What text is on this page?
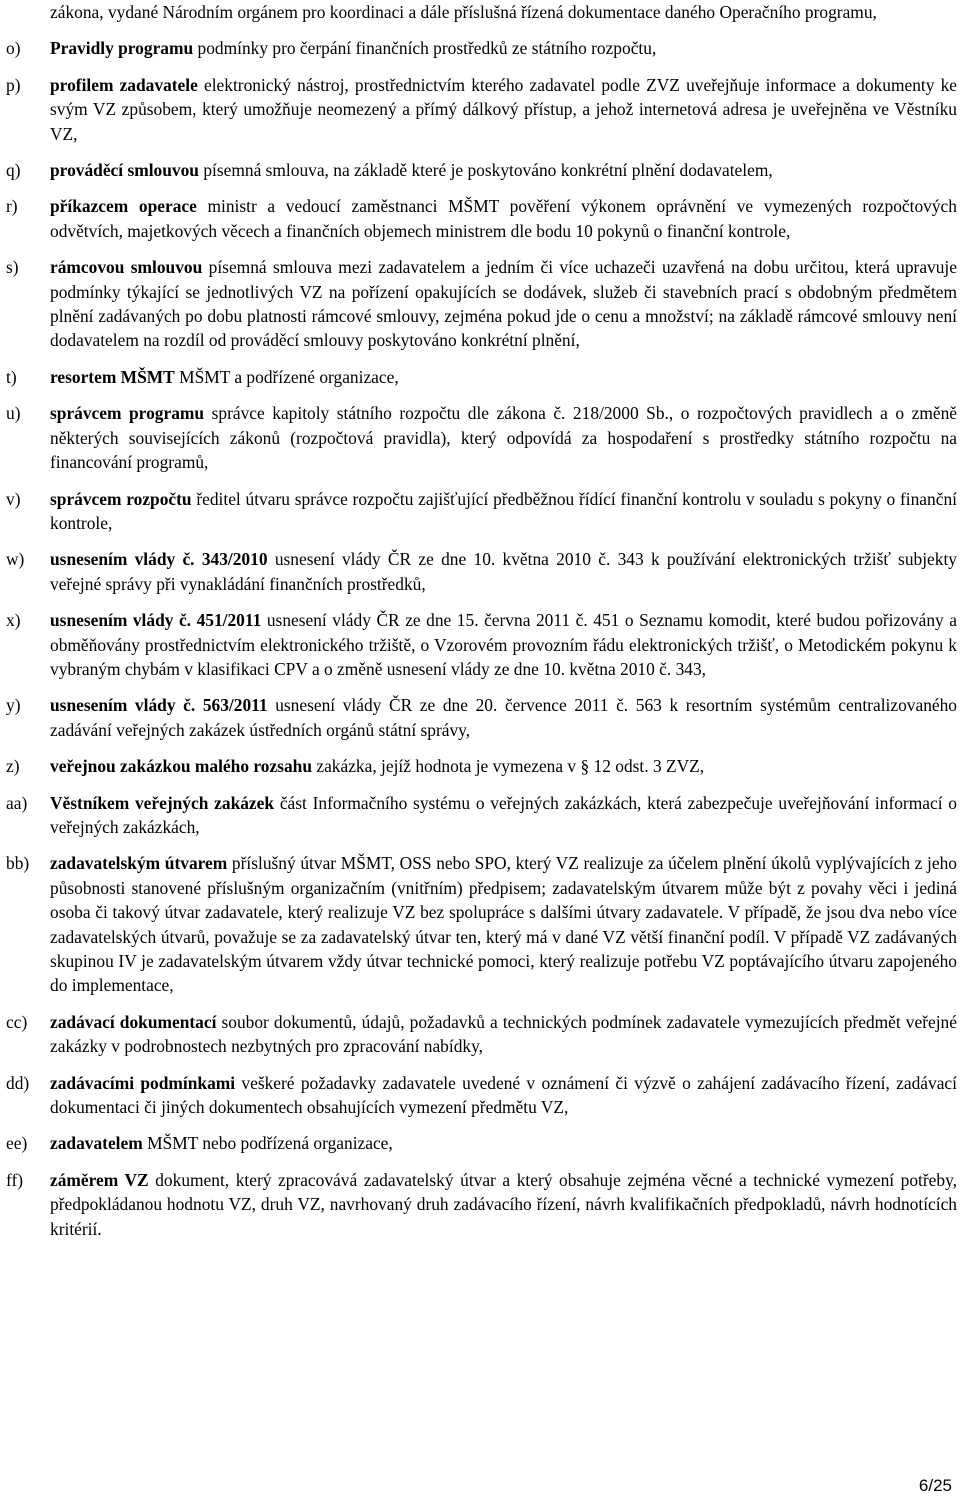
zákona, vydané Národním orgánem pro koordinaci a dále příslušná řízená dokumentace daného Operačního programu,
o)	Pravidly programu podmínky pro čerpání finančních prostředků ze státního rozpočtu,
p)	profilem zadavatele elektronický nástroj, prostřednictvím kterého zadavatel podle ZVZ uveřejňuje informace a dokumenty ke svým VZ způsobem, který umožňuje neomezený a přímý dálkový přístup, a jehož internetová adresa je uveřejněna ve Věstníku VZ,
q)	prováděcí smlouvou písemná smlouva, na základě které je poskytováno konkrétní plnění dodavatelem,
r)	příkazcem operace ministr a vedoucí zaměstnanci MŠMT pověření výkonem oprávnění ve vymezených rozpočtových odvětvích, majetkových věcech a finančních objemech ministrem dle bodu 10 pokynů o finanční kontrole,
s)	rámcovou smlouvou písemná smlouva mezi zadavatelem a jedním či více uchazeči uzavřená na dobu určitou, která upravuje podmínky týkající se jednotlivých VZ na pořízení opakujících se dodávek, služeb či stavebních prací s obdobným předmětem plnění zadávaných po dobu platnosti rámcové smlouvy, zejména pokud jde o cenu a množství; na základě rámcové smlouvy není dodavatelem na rozdíl od prováděcí smlouvy poskytováno konkrétní plnění,
t)	resortem MŠMT MŠMT a podřízené organizace,
u)	správcem programu správce kapitoly státního rozpočtu dle zákona č. 218/2000 Sb., o rozpočtových pravidlech a o změně některých souvisejících zákonů (rozpočtová pravidla), který odpovídá za hospodaření s prostředky státního rozpočtu na financování programů,
v)	správcem rozpočtu ředitel útvaru správce rozpočtu zajišťující předběžnou řídící finanční kontrolu v souladu s pokyny o finanční kontrole,
w)	usnesením vlády č. 343/2010 usnesení vlády ČR ze dne 10. května 2010 č. 343 k používání elektronických tržišť subjekty veřejné správy při vynakládání finančních prostředků,
x)	usnesením vlády č. 451/2011 usnesení vlády ČR ze dne 15. června 2011 č. 451 o Seznamu komodit, které budou pořizovány a obměňovány prostřednictvím elektronického tržiště, o Vzorovém provozním řádu elektronických tržišť, o Metodickém pokynu k vybraným chybám v klasifikaci CPV a o změně usnesení vlády ze dne 10. května 2010 č. 343,
y)	usnesením vlády č. 563/2011 usnesení vlády ČR ze dne 20. července 2011 č. 563 k resortním systémům centralizovaného zadávání veřejných zakázek ústředních orgánů státní správy,
z)	veřejnou zakázkou malého rozsahu zakázka, jejíž hodnota je vymezena v § 12 odst. 3 ZVZ,
aa)	Věstníkem veřejných zakázek část Informačního systému o veřejných zakázkách, která zabezpečuje uveřejňování informací o veřejných zakázkách,
bb)	zadavatelským útvarem příslušný útvar MŠMT, OSS nebo SPO, který VZ realizuje za účelem plnění úkolů vyplývajících z jeho působnosti stanovené příslušným organizačním (vnitřním) předpisem; zadavatelským útvarem může být z povahy věci i jediná osoba či takový útvar zadavatele, který realizuje VZ bez spolupráce s dalšími útvary zadavatele. V případě, že jsou dva nebo více zadavatelských útvarů, považuje se za zadavatelský útvar ten, který má v dané VZ větší finanční podíl. V případě VZ zadávaných skupinou IV je zadavatelským útvarem vždy útvar technické pomoci, který realizuje potřebu VZ poptávajícího útvaru zapojeného do implementace,
cc)	zadávací dokumentací soubor dokumentů, údajů, požadavků a technických podmínek zadavatele vymezujících předmět veřejné zakázky v podrobnostech nezbytných pro zpracování nabídky,
dd)	zadávacími podmínkami veškeré požadavky zadavatele uvedené v oznámení či výzvě o zahájení zadávacího řízení, zadávací dokumentaci či jiných dokumentech obsahujících vymezení předmětu VZ,
ee)	zadavatelem MŠMT nebo podřízená organizace,
ff)	záměrem VZ dokument, který zpracovává zadavatelský útvar a který obsahuje zejména věcné a technické vymezení potřeby, předpokládanou hodnotu VZ, druh VZ, navrhovaný druh zadávacího řízení, návrh kvalifikačních předpokladů, návrh hodnotících kritérií.
6/25
